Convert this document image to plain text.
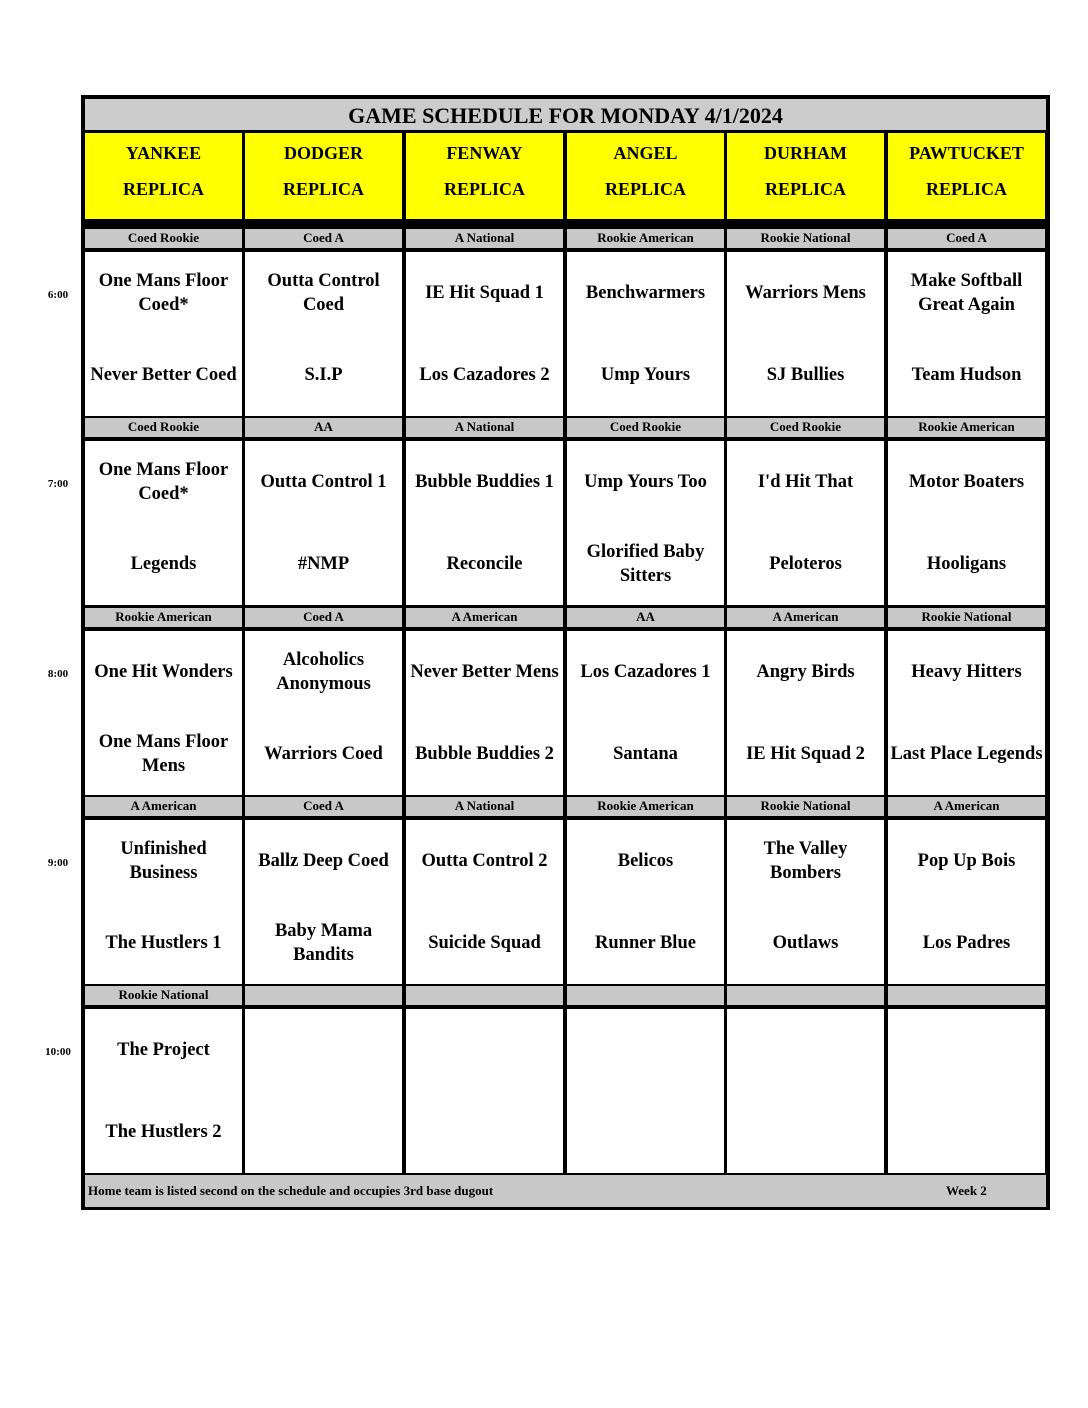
6:00
7:00
8:00
9:00
10:00
GAME SCHEDULE FOR MONDAY 4/1/2024
Home team is listed second on the schedule and occupies 3rd base dugout	Week 2
YANKEE
REPLICA
DODGER
REPLICA
FENWAY
REPLICA
ANGEL
REPLICA
DURHAM
REPLICA
PAWTUCKET
REPLICA
Coed Rookie
One Mans Floor Coed*
Never Better Coed
Coed A
Outta Control Coed
S.I.P
A National
IE Hit Squad 1
Los Cazadores 2
Rookie American
Benchwarmers
Ump Yours
Rookie National
Warriors Mens
SJ Bullies
Coed A
Make Softball Great Again
Team Hudson
Coed Rookie
One Mans Floor Coed*
Legends
AA
Outta Control 1
#NMP
A National
Bubble Buddies 1
Reconcile
Coed Rookie
Ump Yours Too
Glorified Baby Sitters
Coed Rookie
I'd Hit That
Peloteros
Rookie American
Motor Boaters
Hooligans
Rookie American
One Hit Wonders
One Mans Floor Mens
Coed A
Alcoholics Anonymous
Warriors Coed
A American
Never Better Mens
Bubble Buddies 2
AA
Los Cazadores 1
Santana
A American
Angry Birds
IE Hit Squad 2
Rookie National
Heavy Hitters
Last Place Legends
A American
Unfinished Business
The Hustlers 1
Coed A
Ballz Deep Coed
Baby Mama Bandits
A National
Outta Control 2
Suicide Squad
Rookie American
Belicos
Runner Blue
Rookie National
The Valley Bombers
Outlaws
A American
Pop Up Bois
Los Padres
Rookie National
The Project
The Hustlers 2
